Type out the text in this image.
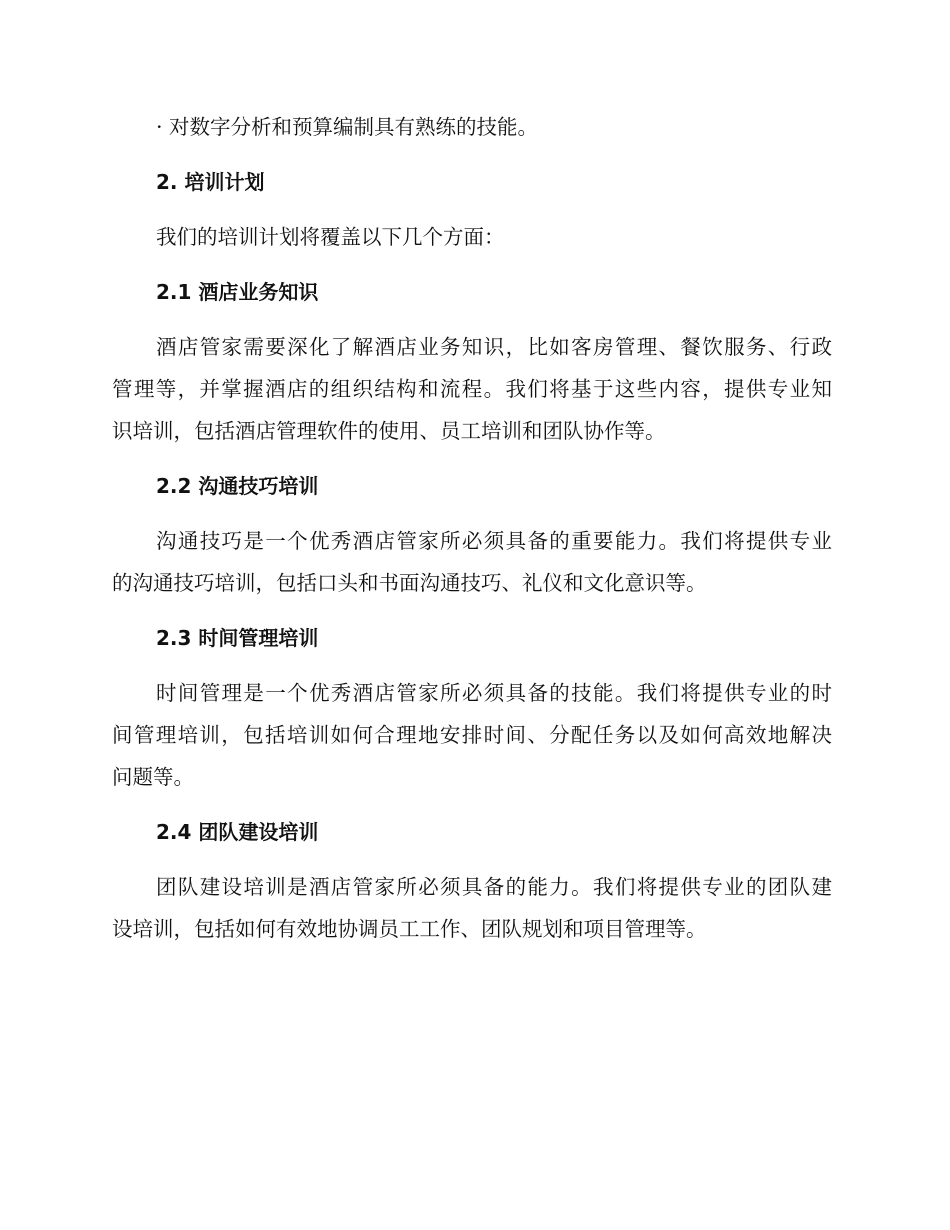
· 对数字分析和预算编制具有熟练的技能。
2. 培训计划
我们的培训计划将覆盖以下几个方面：
2.1 酒店业务知识
酒店管家需要深化了解酒店业务知识，比如客房管理、餐饮服务、行政
管理等，并掌握酒店的组织结构和流程。我们将基于这些内容，提供专业知
识培训，包括酒店管理软件的使用、员工培训和团队协作等。
2.2 沟通技巧培训
沟通技巧是一个优秀酒店管家所必须具备的重要能力。我们将提供专业
的沟通技巧培训，包括口头和书面沟通技巧、礼仪和文化意识等。
2.3 时间管理培训
时间管理是一个优秀酒店管家所必须具备的技能。我们将提供专业的时
间管理培训，包括培训如何合理地安排时间、分配任务以及如何高效地解决
问题等。
2.4 团队建设培训
团队建设培训是酒店管家所必须具备的能力。我们将提供专业的团队建
设培训，包括如何有效地协调员工工作、团队规划和项目管理等。
